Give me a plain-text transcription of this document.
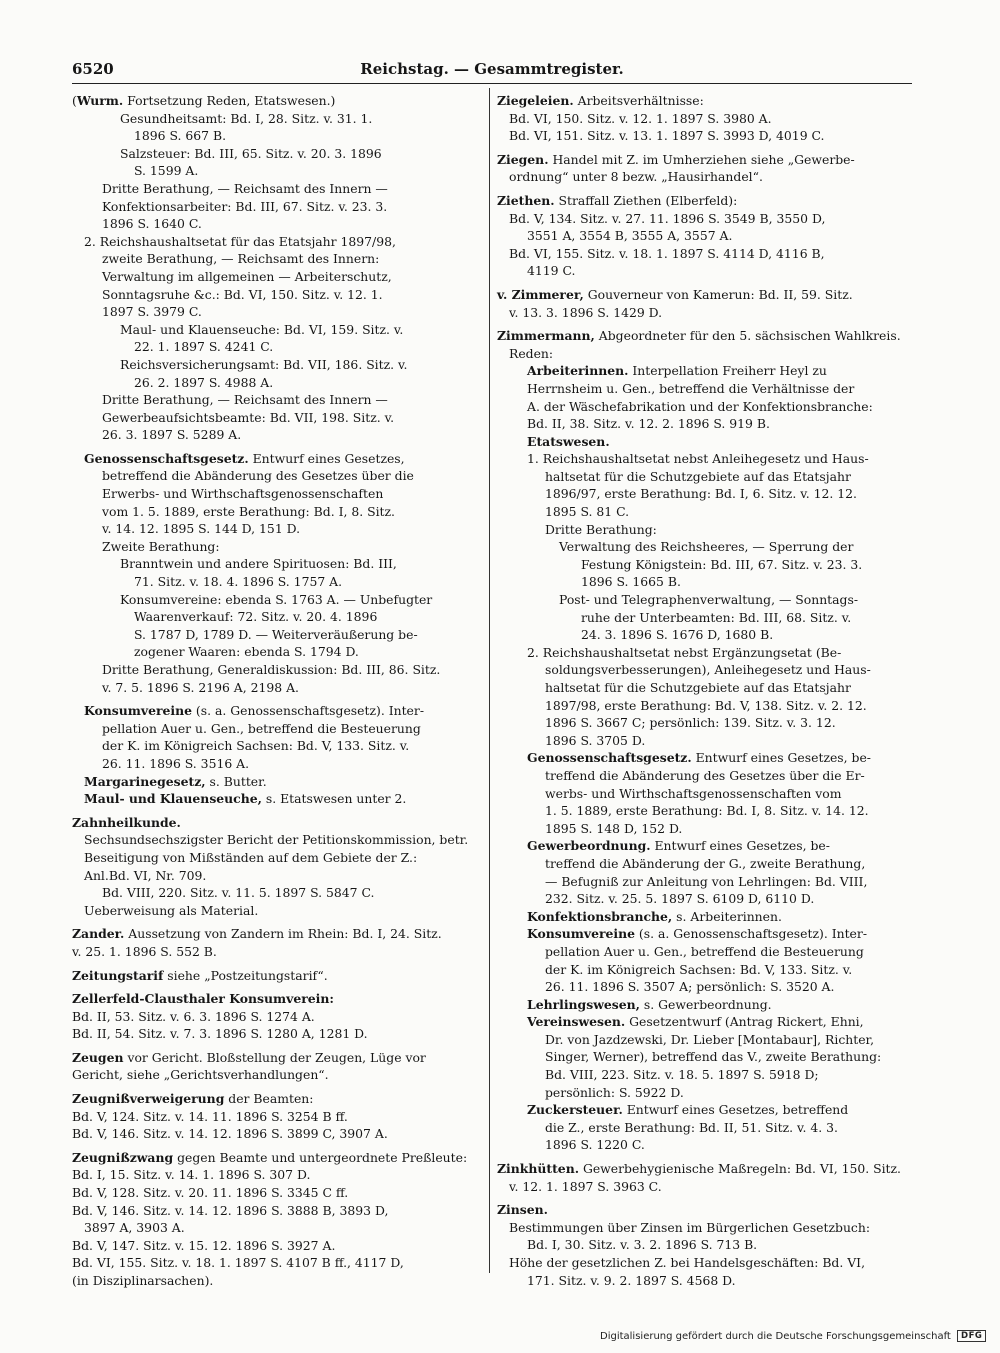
6520	Reichstag. — Gesammtregister.
(Wurm. Fortsetzung Reden, Etatswesen.)
Gesundheitsamt: Bd. I, 28. Sitz. v. 31. 1.
1896 S. 667 B.
Salzsteuer: Bd. III, 65. Sitz. v. 20. 3. 1896
S. 1599 A.
Dritte Berathung, — Reichsamt des Innern —
Konfektionsarbeiter: Bd. III, 67. Sitz. v. 23. 3.
1896 S. 1640 C.
2. Reichshaushaltsetat für das Etatsjahr 1897/98,
zweite Berathung, — Reichsamt des Innern:
Verwaltung im allgemeinen — Arbeiterschutz,
Sonntagsruhe &c.: Bd. VI, 150. Sitz. v. 12. 1.
1897 S. 3979 C.
Maul- und Klauenseuche: Bd. VI, 159. Sitz. v.
22. 1. 1897 S. 4241 C.
Reichsversicherungsamt: Bd. VII, 186. Sitz. v.
26. 2. 1897 S. 4988 A.
Dritte Berathung, — Reichsamt des Innern —
Gewerbeaufsichtsbeamte: Bd. VII, 198. Sitz. v.
26. 3. 1897 S. 5289 A.
Genossenschaftsgesetz. Entwurf eines Gesetzes,
betreffend die Abänderung des Gesetzes über die
Erwerbs- und Wirthschaftsgenossenschaften
vom 1. 5. 1889, erste Berathung: Bd. I, 8. Sitz.
v. 14. 12. 1895 S. 144 D, 151 D.
Zweite Berathung:
Branntwein und andere Spirituosen: Bd. III,
71. Sitz. v. 18. 4. 1896 S. 1757 A.
Konsumvereine: ebenda S. 1763 A. — Unbefugter
Waarenverkauf: 72. Sitz. v. 20. 4. 1896
S. 1787 D, 1789 D. — Weiterveräußerung be-
zogener Waaren: ebenda S. 1794 D.
Dritte Berathung, Generaldiskussion: Bd. III, 86. Sitz.
v. 7. 5. 1896 S. 2196 A, 2198 A.
Konsumvereine (s. a. Genossenschaftsgesetz). Inter-
pellation Auer u. Gen., betreffend die Besteuerung
der K. im Königreich Sachsen: Bd. V, 133. Sitz. v.
26. 11. 1896 S. 3516 A.
Margarinegesetz, s. Butter.
Maul- und Klauenseuche, s. Etatswesen unter 2.
Zahnheilkunde.
Sechsundsechszigster Bericht der Petitionskommission, betr.
Beseitigung von Mißständen auf dem Gebiete der Z.:
Anl.Bd. VI, Nr. 709.
Bd. VIII, 220. Sitz. v. 11. 5. 1897 S. 5847 C.
Ueberweisung als Material.
Zander. Aussetzung von Zandern im Rhein: Bd. I, 24. Sitz.
v. 25. 1. 1896 S. 552 B.
Zeitungstarif siehe „Postzeitungstarif“.
Zellerfeld-Clausthaler Konsumverein:
Bd. II, 53. Sitz. v. 6. 3. 1896 S. 1274 A.
Bd. II, 54. Sitz. v. 7. 3. 1896 S. 1280 A, 1281 D.
Zeugen vor Gericht. Bloßstellung der Zeugen, Lüge vor
Gericht, siehe „Gerichtsverhandlungen“.
Zeugnißverweigerung der Beamten:
Bd. V, 124. Sitz. v. 14. 11. 1896 S. 3254 B ff.
Bd. V, 146. Sitz. v. 14. 12. 1896 S. 3899 C, 3907 A.
Zeugnißzwang gegen Beamte und untergeordnete Preßleute:
Bd. I, 15. Sitz. v. 14. 1. 1896 S. 307 D.
Bd. V, 128. Sitz. v. 20. 11. 1896 S. 3345 C ff.
Bd. V, 146. Sitz. v. 14. 12. 1896 S. 3888 B, 3893 D,
3897 A, 3903 A.
Bd. V, 147. Sitz. v. 15. 12. 1896 S. 3927 A.
Bd. VI, 155. Sitz. v. 18. 1. 1897 S. 4107 B ff., 4117 D,
(in Disziplinarsachen).
Ziegeleien. Arbeitsverhältnisse:
Bd. VI, 150. Sitz. v. 12. 1. 1897 S. 3980 A.
Bd. VI, 151. Sitz. v. 13. 1. 1897 S. 3993 D, 4019 C.
Ziegen. Handel mit Z. im Umherziehen siehe „Gewerbe-
ordnung“ unter 8 bezw. „Hausirhandel“.
Ziethen. Straffall Ziethen (Elberfeld):
Bd. V, 134. Sitz. v. 27. 11. 1896 S. 3549 B, 3550 D,
3551 A, 3554 B, 3555 A, 3557 A.
Bd. VI, 155. Sitz. v. 18. 1. 1897 S. 4114 D, 4116 B,
4119 C.
v. Zimmerer, Gouverneur von Kamerun: Bd. II, 59. Sitz.
v. 13. 3. 1896 S. 1429 D.
Zimmermann, Abgeordneter für den 5. sächsischen Wahlkreis.
Reden:
Arbeiterinnen. Interpellation Freiherr Heyl zu
Herrnsheim u. Gen., betreffend die Verhältnisse der
A. der Wäschefabrikation und der Konfektionsbranche:
Bd. II, 38. Sitz. v. 12. 2. 1896 S. 919 B.
Etatswesen.
1. Reichshaushaltsetat nebst Anleihegesetz und Haus-
haltsetat für die Schutzgebiete auf das Etatsjahr
1896/97, erste Berathung: Bd. I, 6. Sitz. v. 12. 12.
1895 S. 81 C.
Dritte Berathung:
Verwaltung des Reichsheeres, — Sperrung der
Festung Königstein: Bd. III, 67. Sitz. v. 23. 3.
1896 S. 1665 B.
Post- und Telegraphenverwaltung, — Sonntags-
ruhe der Unterbeamten: Bd. III, 68. Sitz. v.
24. 3. 1896 S. 1676 D, 1680 B.
2. Reichshaushaltsetat nebst Ergänzungsetat (Be-
soldungsverbesserungen), Anleihegesetz und Haus-
haltsetat für die Schutzgebiete auf das Etatsjahr
1897/98, erste Berathung: Bd. V, 138. Sitz. v. 2. 12.
1896 S. 3667 C; persönlich: 139. Sitz. v. 3. 12.
1896 S. 3705 D.
Genossenschaftsgesetz. Entwurf eines Gesetzes, be-
treffend die Abänderung des Gesetzes über die Er-
werbs- und Wirthschaftsgenossenschaften vom
1. 5. 1889, erste Berathung: Bd. I, 8. Sitz. v. 14. 12.
1895 S. 148 D, 152 D.
Gewerbeordnung. Entwurf eines Gesetzes, be-
treffend die Abänderung der G., zweite Berathung,
— Befugniß zur Anleitung von Lehrlingen: Bd. VIII,
232. Sitz. v. 25. 5. 1897 S. 6109 D, 6110 D.
Konfektionsbranche, s. Arbeiterinnen.
Konsumvereine (s. a. Genossenschaftsgesetz). Inter-
pellation Auer u. Gen., betreffend die Besteuerung
der K. im Königreich Sachsen: Bd. V, 133. Sitz. v.
26. 11. 1896 S. 3507 A; persönlich: S. 3520 A.
Lehrlingswesen, s. Gewerbeordnung.
Vereinswesen. Gesetzentwurf (Antrag Rickert, Ehni,
Dr. von Jazdzewski, Dr. Lieber [Montabaur], Richter,
Singer, Werner), betreffend das V., zweite Berathung:
Bd. VIII, 223. Sitz. v. 18. 5. 1897 S. 5918 D;
persönlich: S. 5922 D.
Zuckersteuer. Entwurf eines Gesetzes, betreffend
die Z., erste Berathung: Bd. II, 51. Sitz. v. 4. 3.
1896 S. 1220 C.
Zinkhütten. Gewerbehygienische Maßregeln: Bd. VI, 150. Sitz.
v. 12. 1. 1897 S. 3963 C.
Zinsen.
Bestimmungen über Zinsen im Bürgerlichen Gesetzbuch:
Bd. I, 30. Sitz. v. 3. 2. 1896 S. 713 B.
Höhe der gesetzlichen Z. bei Handelsgeschäften: Bd. VI,
171. Sitz. v. 9. 2. 1897 S. 4568 D.
Digitalisierung gefördert durch die Deutsche Forschungsgemeinschaft DFG
